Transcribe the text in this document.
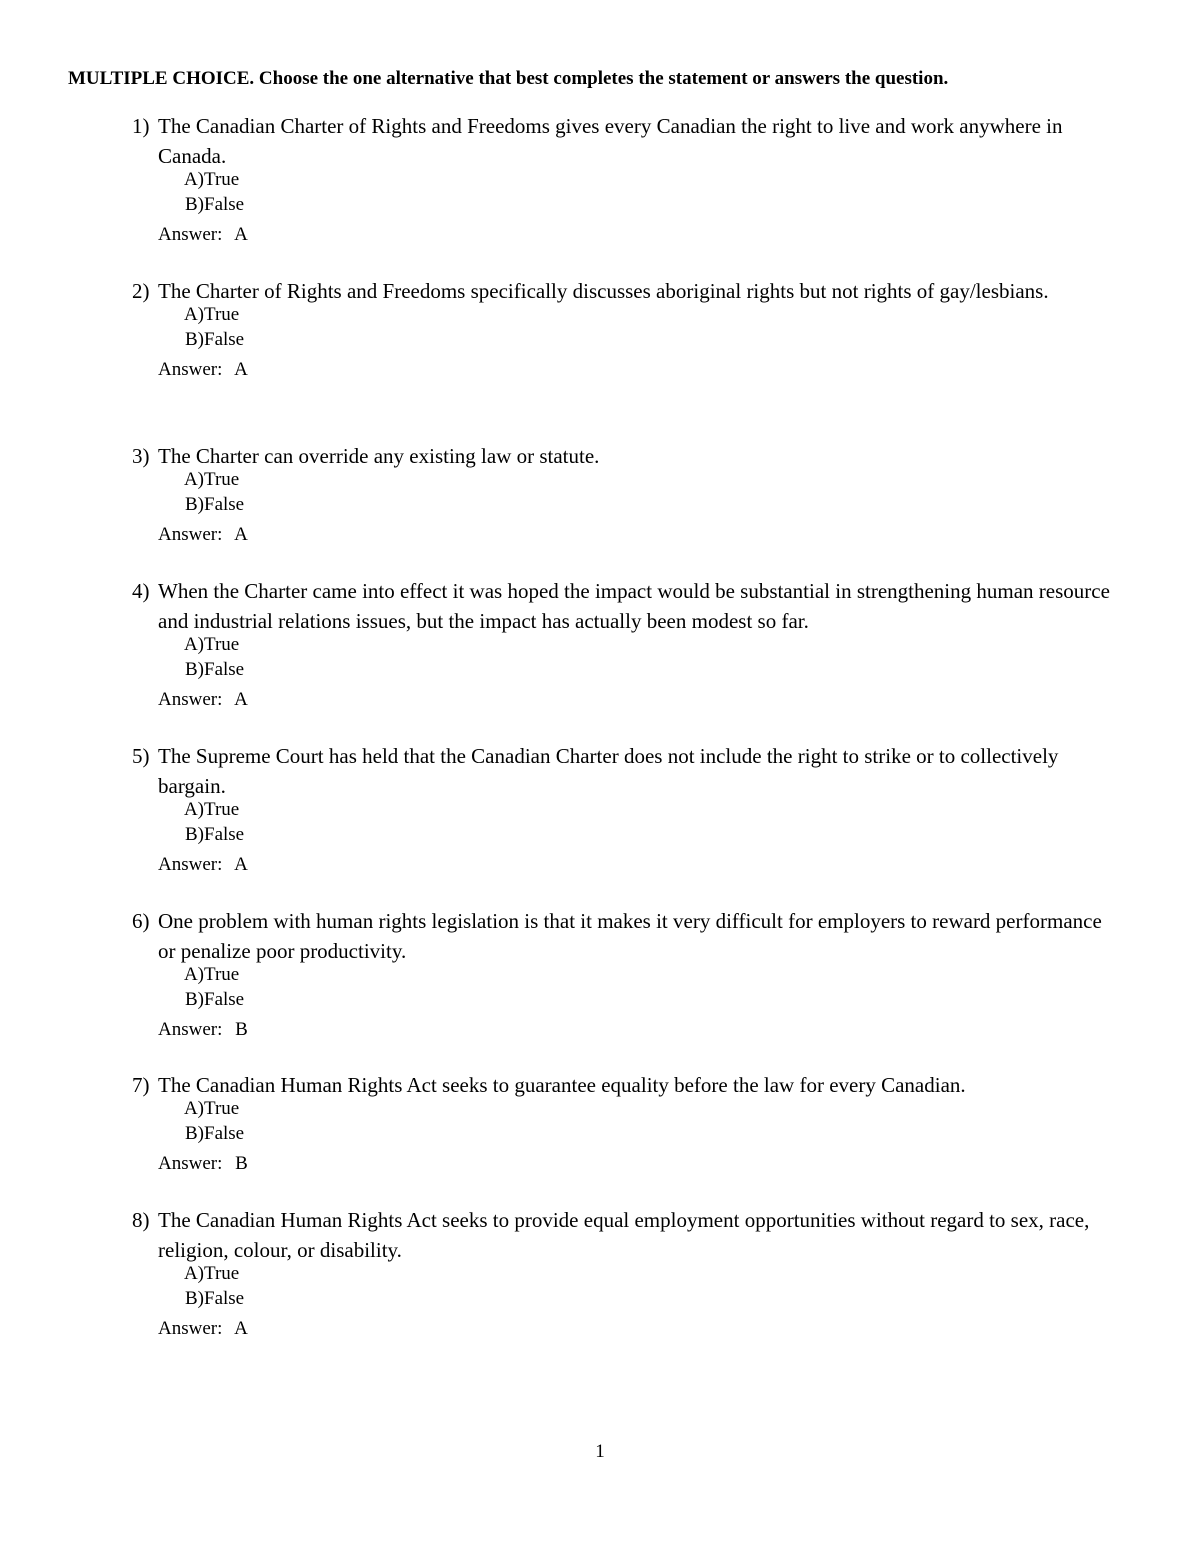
MULTIPLE CHOICE. Choose the one alternative that best completes the statement or answers the question.
1) The Canadian Charter of Rights and Freedoms gives every Canadian the right to live and work anywhere in Canada.
A) True
B) False
Answer: A
2) The Charter of Rights and Freedoms specifically discusses aboriginal rights but not rights of gay/lesbians.
A) True
B) False
Answer: A
3) The Charter can override any existing law or statute.
A) True
B) False
Answer: A
4) When the Charter came into effect it was hoped the impact would be substantial in strengthening human resource and industrial relations issues, but the impact has actually been modest so far.
A) True
B) False
Answer: A
5) The Supreme Court has held that the Canadian Charter does not include the right to strike or to collectively bargain.
A) True
B) False
Answer: A
6) One problem with human rights legislation is that it makes it very difficult for employers to reward performance or penalize poor productivity.
A) True
B) False
Answer: B
7) The Canadian Human Rights Act seeks to guarantee equality before the law for every Canadian.
A) True
B) False
Answer: B
8) The Canadian Human Rights Act seeks to provide equal employment opportunities without regard to sex, race, religion, colour, or disability.
A) True
B) False
Answer: A
1
